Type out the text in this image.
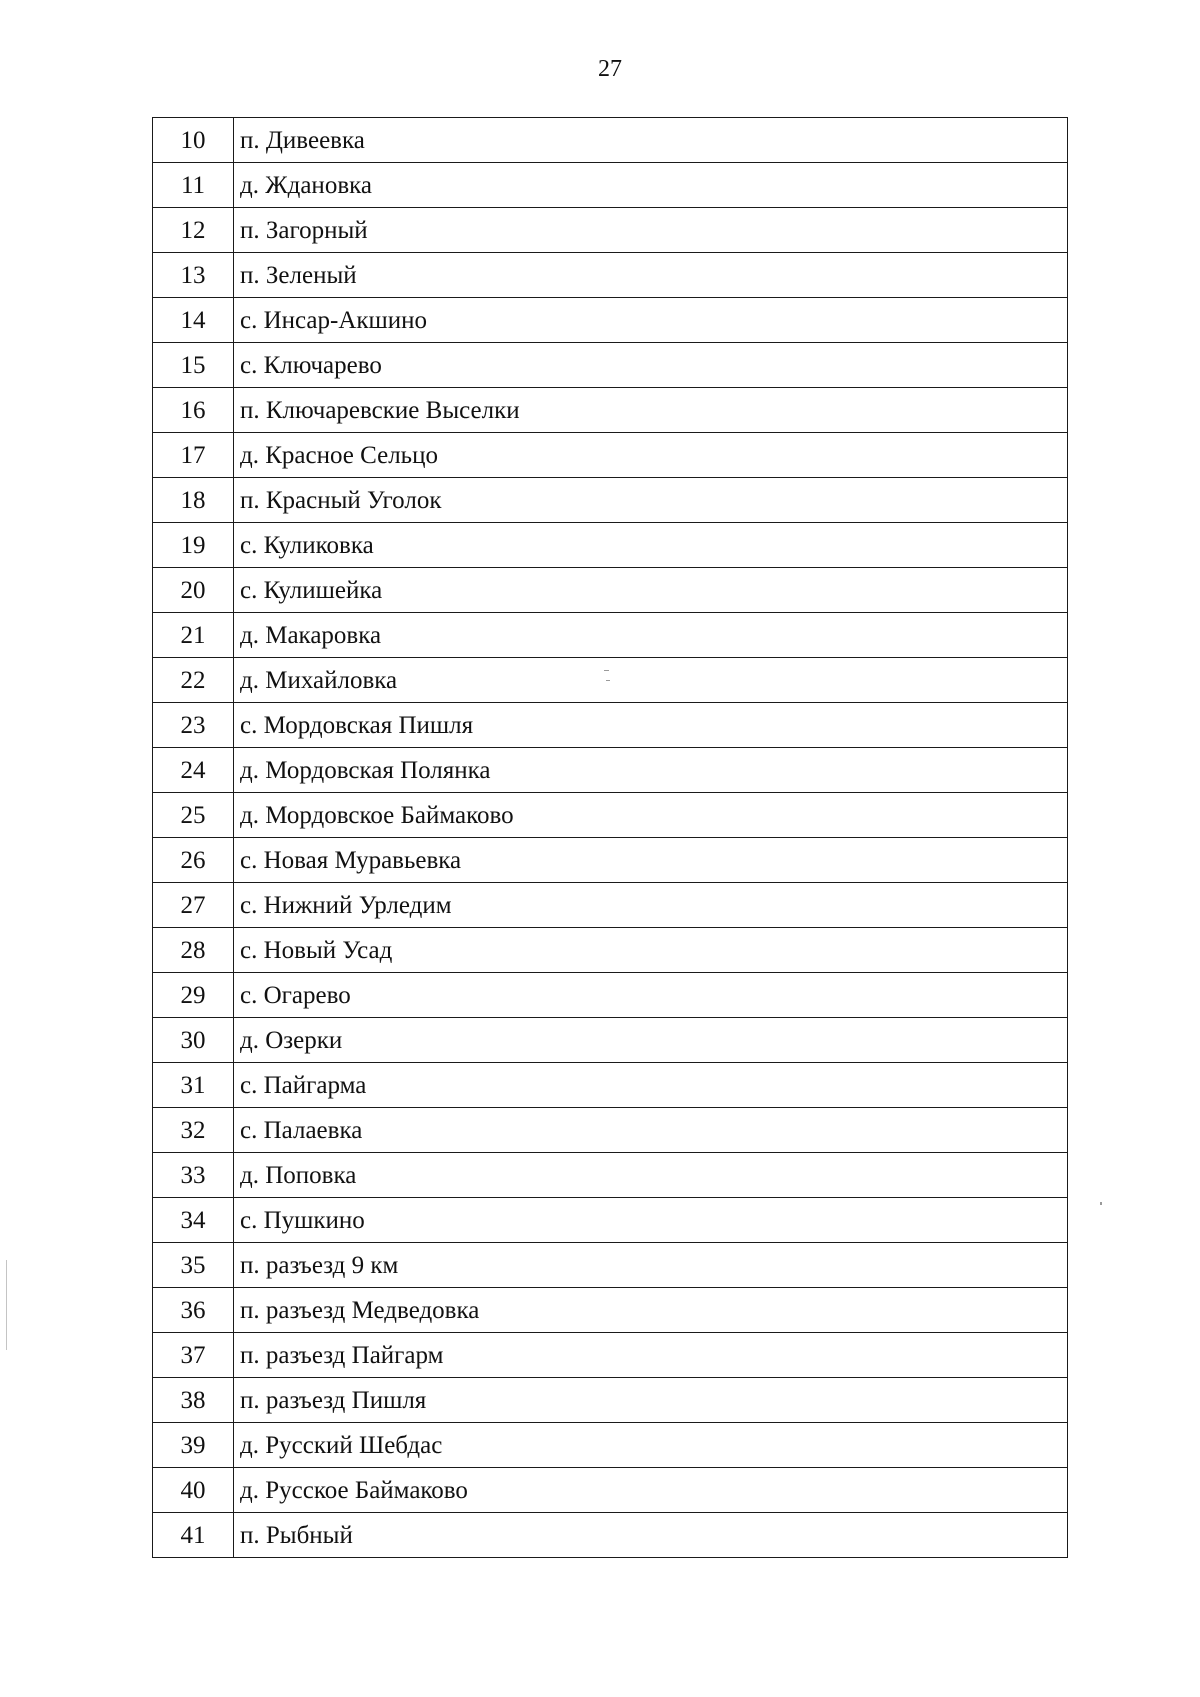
27
10	п. Дивеевка
11	д. Ждановка
12	п. Загорный
13	п. Зеленый
14	с. Инсар-Акшино
15	с. Ключарево
16	п. Ключаревские Выселки
17	д. Красное Сельцо
18	п. Красный Уголок
19	с. Куликовка
20	с. Кулишейка
21	д. Макаровка
22	д. Михайловка
23	с. Мордовская Пишля
24	д. Мордовская Полянка
25	д. Мордовское Баймаково
26	с. Новая Муравьевка
27	с. Нижний Урледим
28	с. Новый Усад
29	с. Огарево
30	д. Озерки
31	с. Пайгарма
32	с. Палаевка
33	д. Поповка
34	с. Пушкино
35	п. разъезд 9 км
36	п. разъезд Медведовка
37	п. разъезд Пайгарм
38	п. разъезд Пишля
39	д. Русский Шебдас
40	д. Русское Баймаково
41	п. Рыбный
